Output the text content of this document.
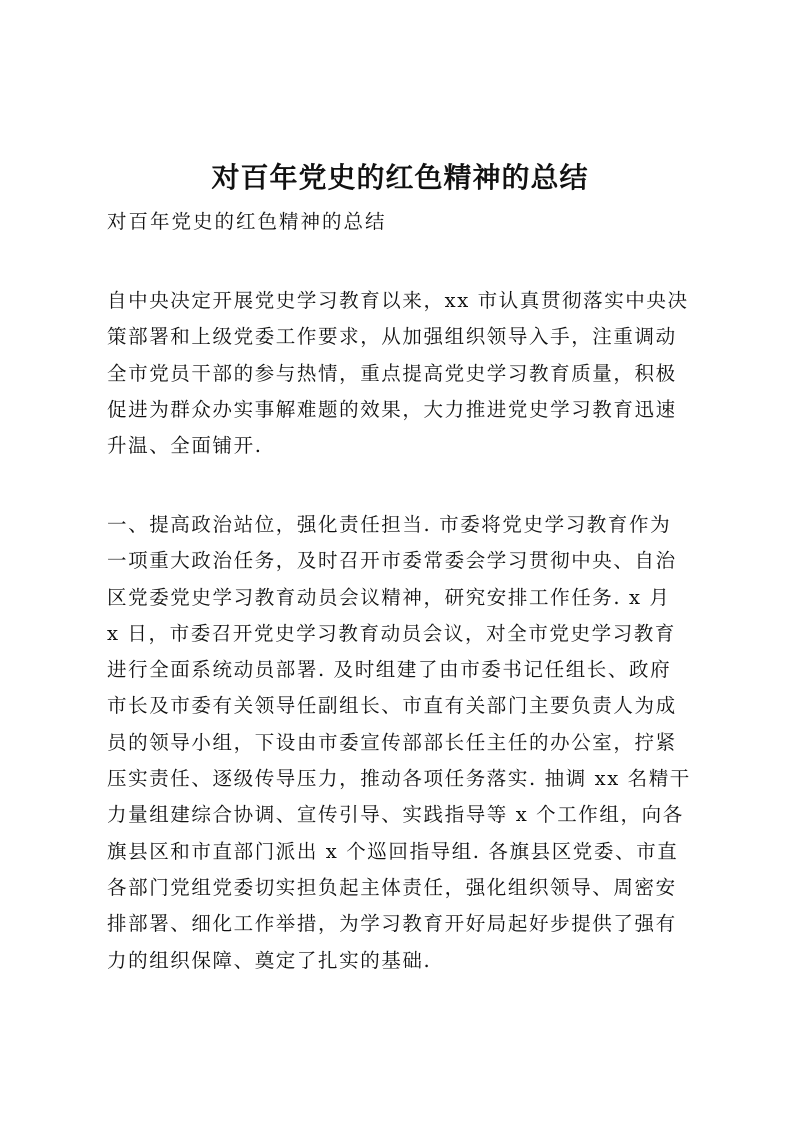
对百年党史的红色精神的总结

对百年党史的红色精神的总结

自中央决定开展党史学习教育以来，xx 市认真贯彻落实中央决
策部署和上级党委工作要求，从加强组织领导入手，注重调动
全市党员干部的参与热情，重点提高党史学习教育质量，积极
促进为群众办实事解难题的效果，大力推进党史学习教育迅速
升温、全面铺开.

一、提高政治站位，强化责任担当. 市委将党史学习教育作为
一项重大政治任务，及时召开市委常委会学习贯彻中央、自治
区党委党史学习教育动员会议精神，研究安排工作任务. x 月
x 日，市委召开党史学习教育动员会议，对全市党史学习教育
进行全面系统动员部署. 及时组建了由市委书记任组长、政府
市长及市委有关领导任副组长、市直有关部门主要负责人为成
员的领导小组，下设由市委宣传部部长任主任的办公室，拧紧
压实责任、逐级传导压力，推动各项任务落实. 抽调 xx 名精干
力量组建综合协调、宣传引导、实践指导等 x 个工作组，向各
旗县区和市直部门派出 x 个巡回指导组. 各旗县区党委、市直
各部门党组党委切实担负起主体责任，强化组织领导、周密安
排部署、细化工作举措，为学习教育开好局起好步提供了强有
力的组织保障、奠定了扎实的基础.
